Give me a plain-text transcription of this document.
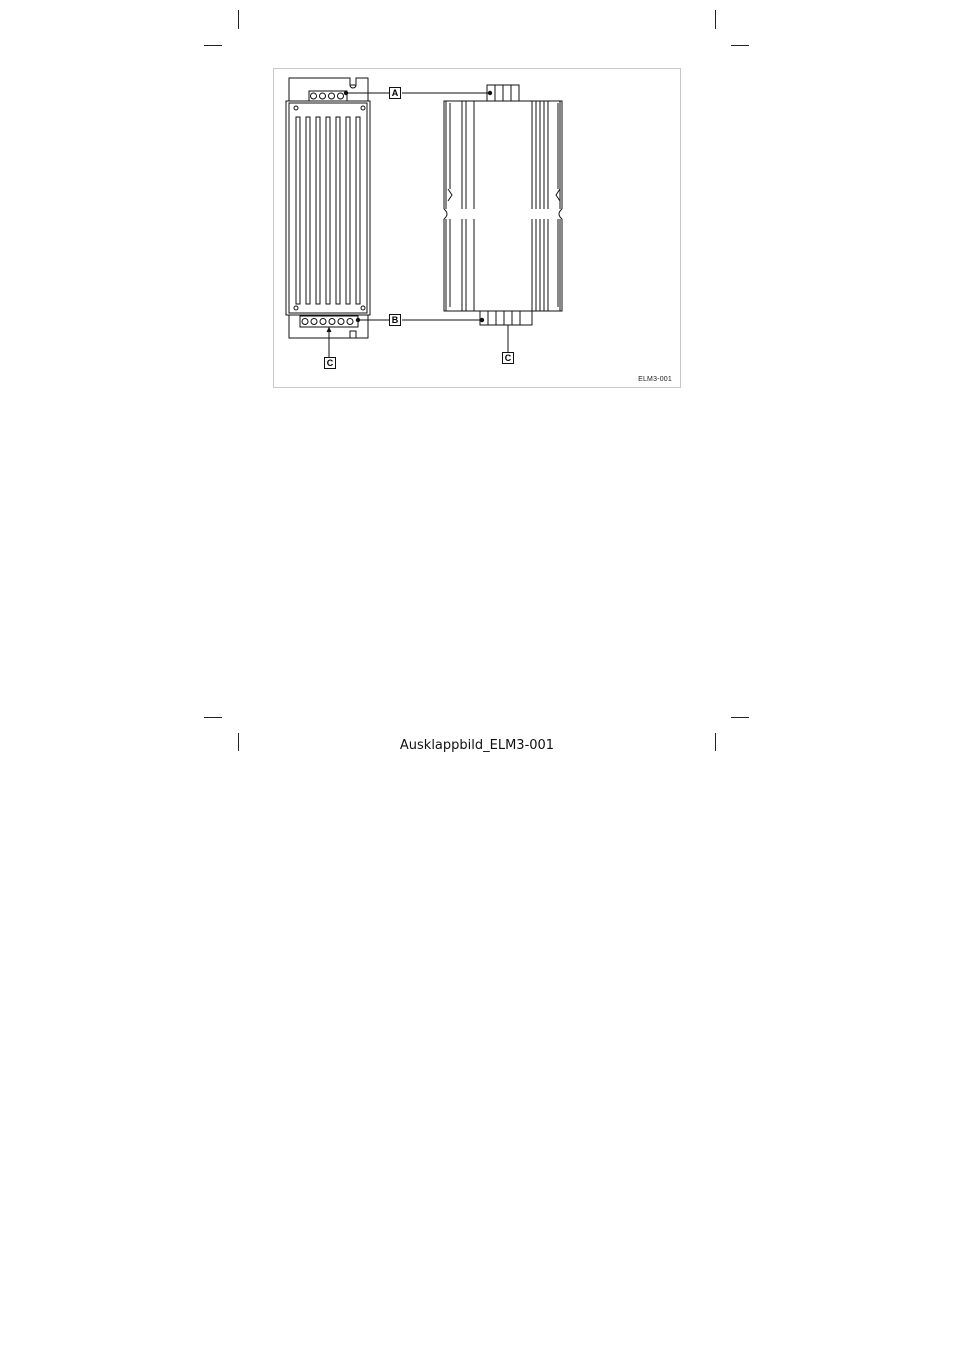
A
B
C	C
ELM3-001
Ausklappbild_ELM3-001
